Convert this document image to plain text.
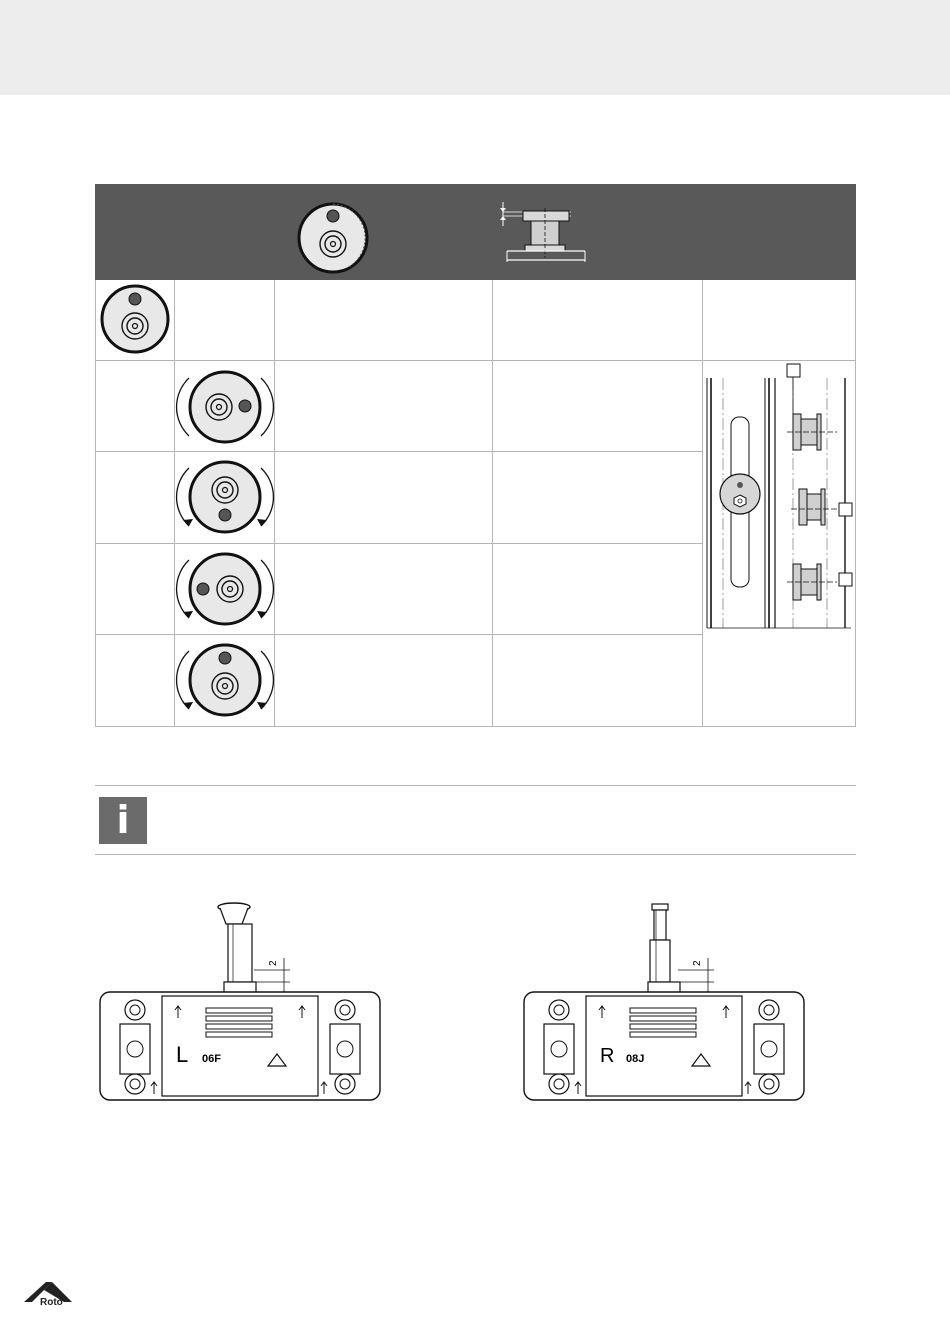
i
2
L 06F
2
R 08J
Roto
